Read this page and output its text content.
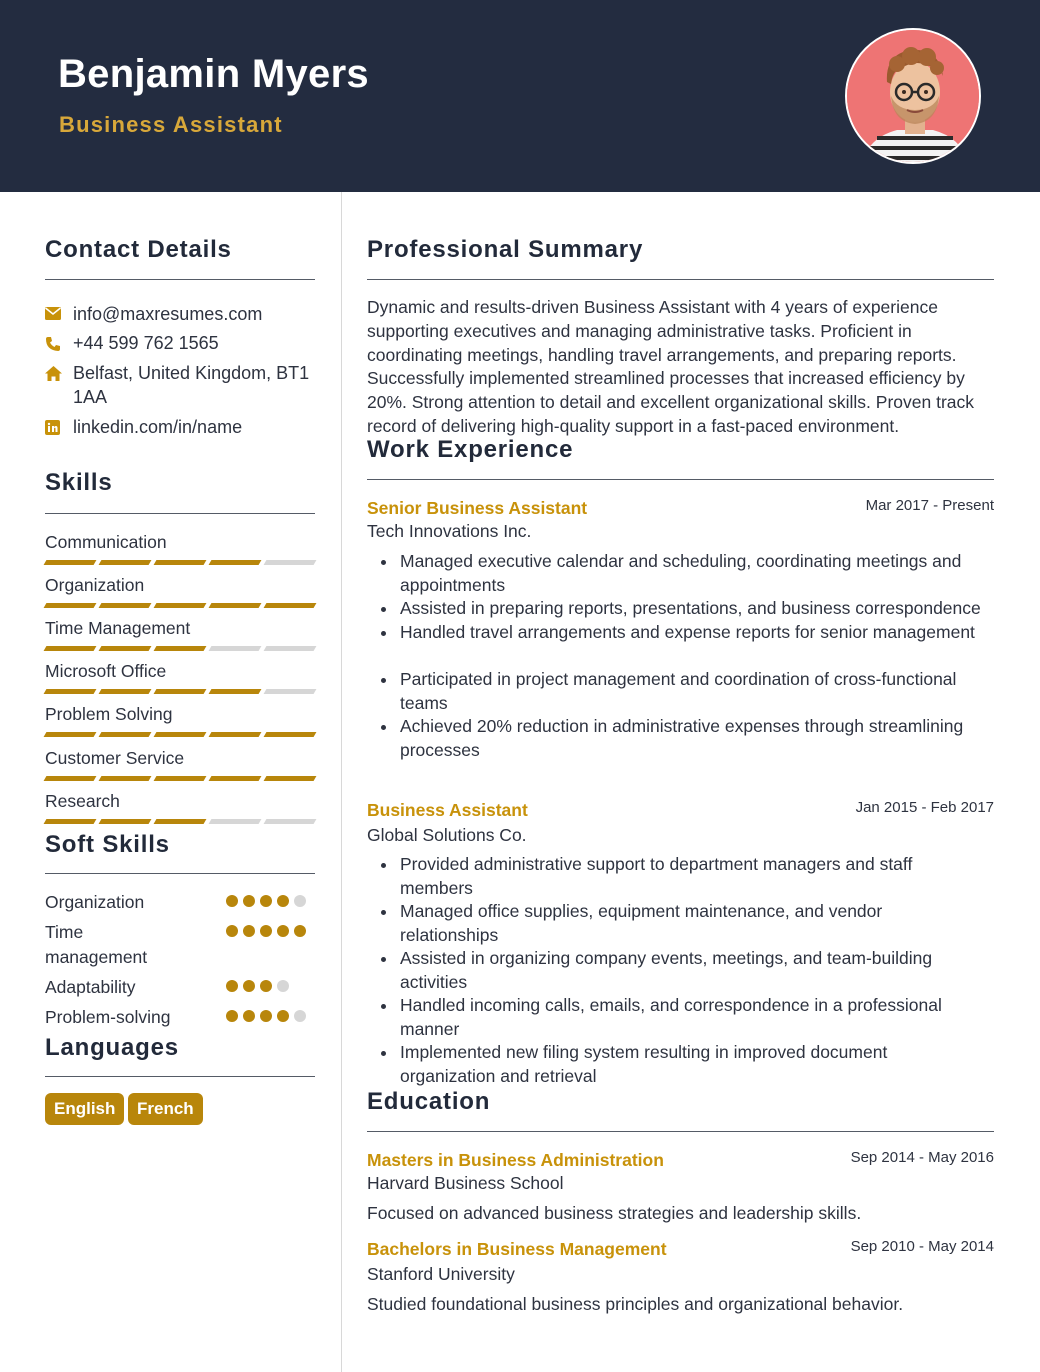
Benjamin Myers
Business Assistant
Contact Details
info@maxresumes.com
+44 599 762 1565
Belfast, United Kingdom, BT1 1AA
linkedin.com/in/name
Skills
Communication
Organization
Time Management
Microsoft Office
Problem Solving
Customer Service
Research
Soft Skills
Organization
Time management
Adaptability
Problem-solving
Languages
English	French
Professional Summary
Dynamic and results-driven Business Assistant with 4 years of experience supporting executives and managing administrative tasks. Proficient in coordinating meetings, handling travel arrangements, and preparing reports. Successfully implemented streamlined processes that increased efficiency by 20%. Strong attention to detail and excellent organizational skills. Proven track record of delivering high-quality support in a fast-paced environment.
Work Experience
Senior Business Assistant	Mar 2017 - Present
Tech Innovations Inc.
Managed executive calendar and scheduling, coordinating meetings and appointments
Assisted in preparing reports, presentations, and business correspondence
Handled travel arrangements and expense reports for senior management
Participated in project management and coordination of cross-functional teams
Achieved 20% reduction in administrative expenses through streamlining processes
Business Assistant	Jan 2015 - Feb 2017
Global Solutions Co.
Provided administrative support to department managers and staff members
Managed office supplies, equipment maintenance, and vendor relationships
Assisted in organizing company events, meetings, and team-building activities
Handled incoming calls, emails, and correspondence in a professional manner
Implemented new filing system resulting in improved document organization and retrieval
Education
Masters in Business Administration	Sep 2014 - May 2016
Harvard Business School
Focused on advanced business strategies and leadership skills.
Bachelors in Business Management	Sep 2010 - May 2014
Stanford University
Studied foundational business principles and organizational behavior.
